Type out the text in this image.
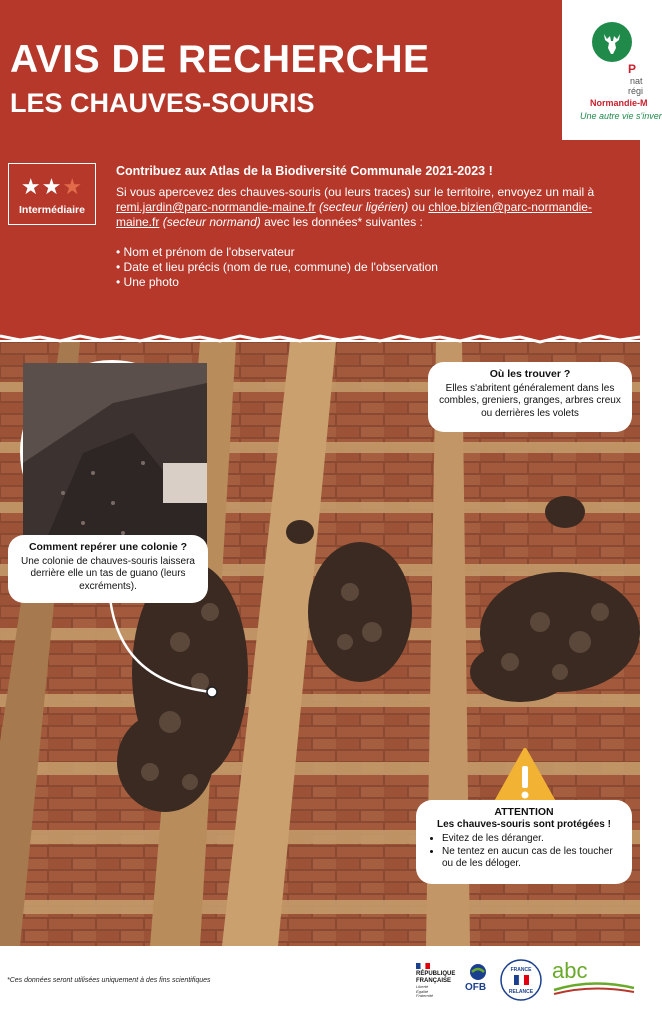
AVIS DE RECHERCHE
LES CHAUVES-SOURIS
P
nat
régi
Normandie-M
Une autre vie s'inver
★★★
Intermédiaire
Contribuez aux Atlas de la Biodiversité Communale 2021-2023 !
Si vous apercevez des chauves-souris (ou leurs traces) sur le territoire, envoyez un mail à remi.jardin@parc-normandie-maine.fr (secteur ligérien) ou chloe.bizien@parc-normandie-maine.fr (secteur normand) avec les données* suivantes :
• Nom et prénom de l'observateur
• Date et lieu précis (nom de rue, commune) de l'observation
• Une photo
Comment repérer une colonie ?
Une colonie de chauves-souris laissera derrière elle un tas de guano (leurs excréments).
Où les trouver ?
Elles s'abritent généralement dans les combles, greniers, granges, arbres creux ou derrières les volets
ATTENTION
Les chauves-souris sont protégées !
• Evitez de les déranger.
• Ne tentez en aucun cas de les toucher ou de les déloger.
*Ces données seront utilisées uniquement à des fins scientifiques
RÉPUBLIQUE
FRANÇAISE
Liberté
Égalité
Fraternité
OFB
FRANCE
RELANCE
abc
